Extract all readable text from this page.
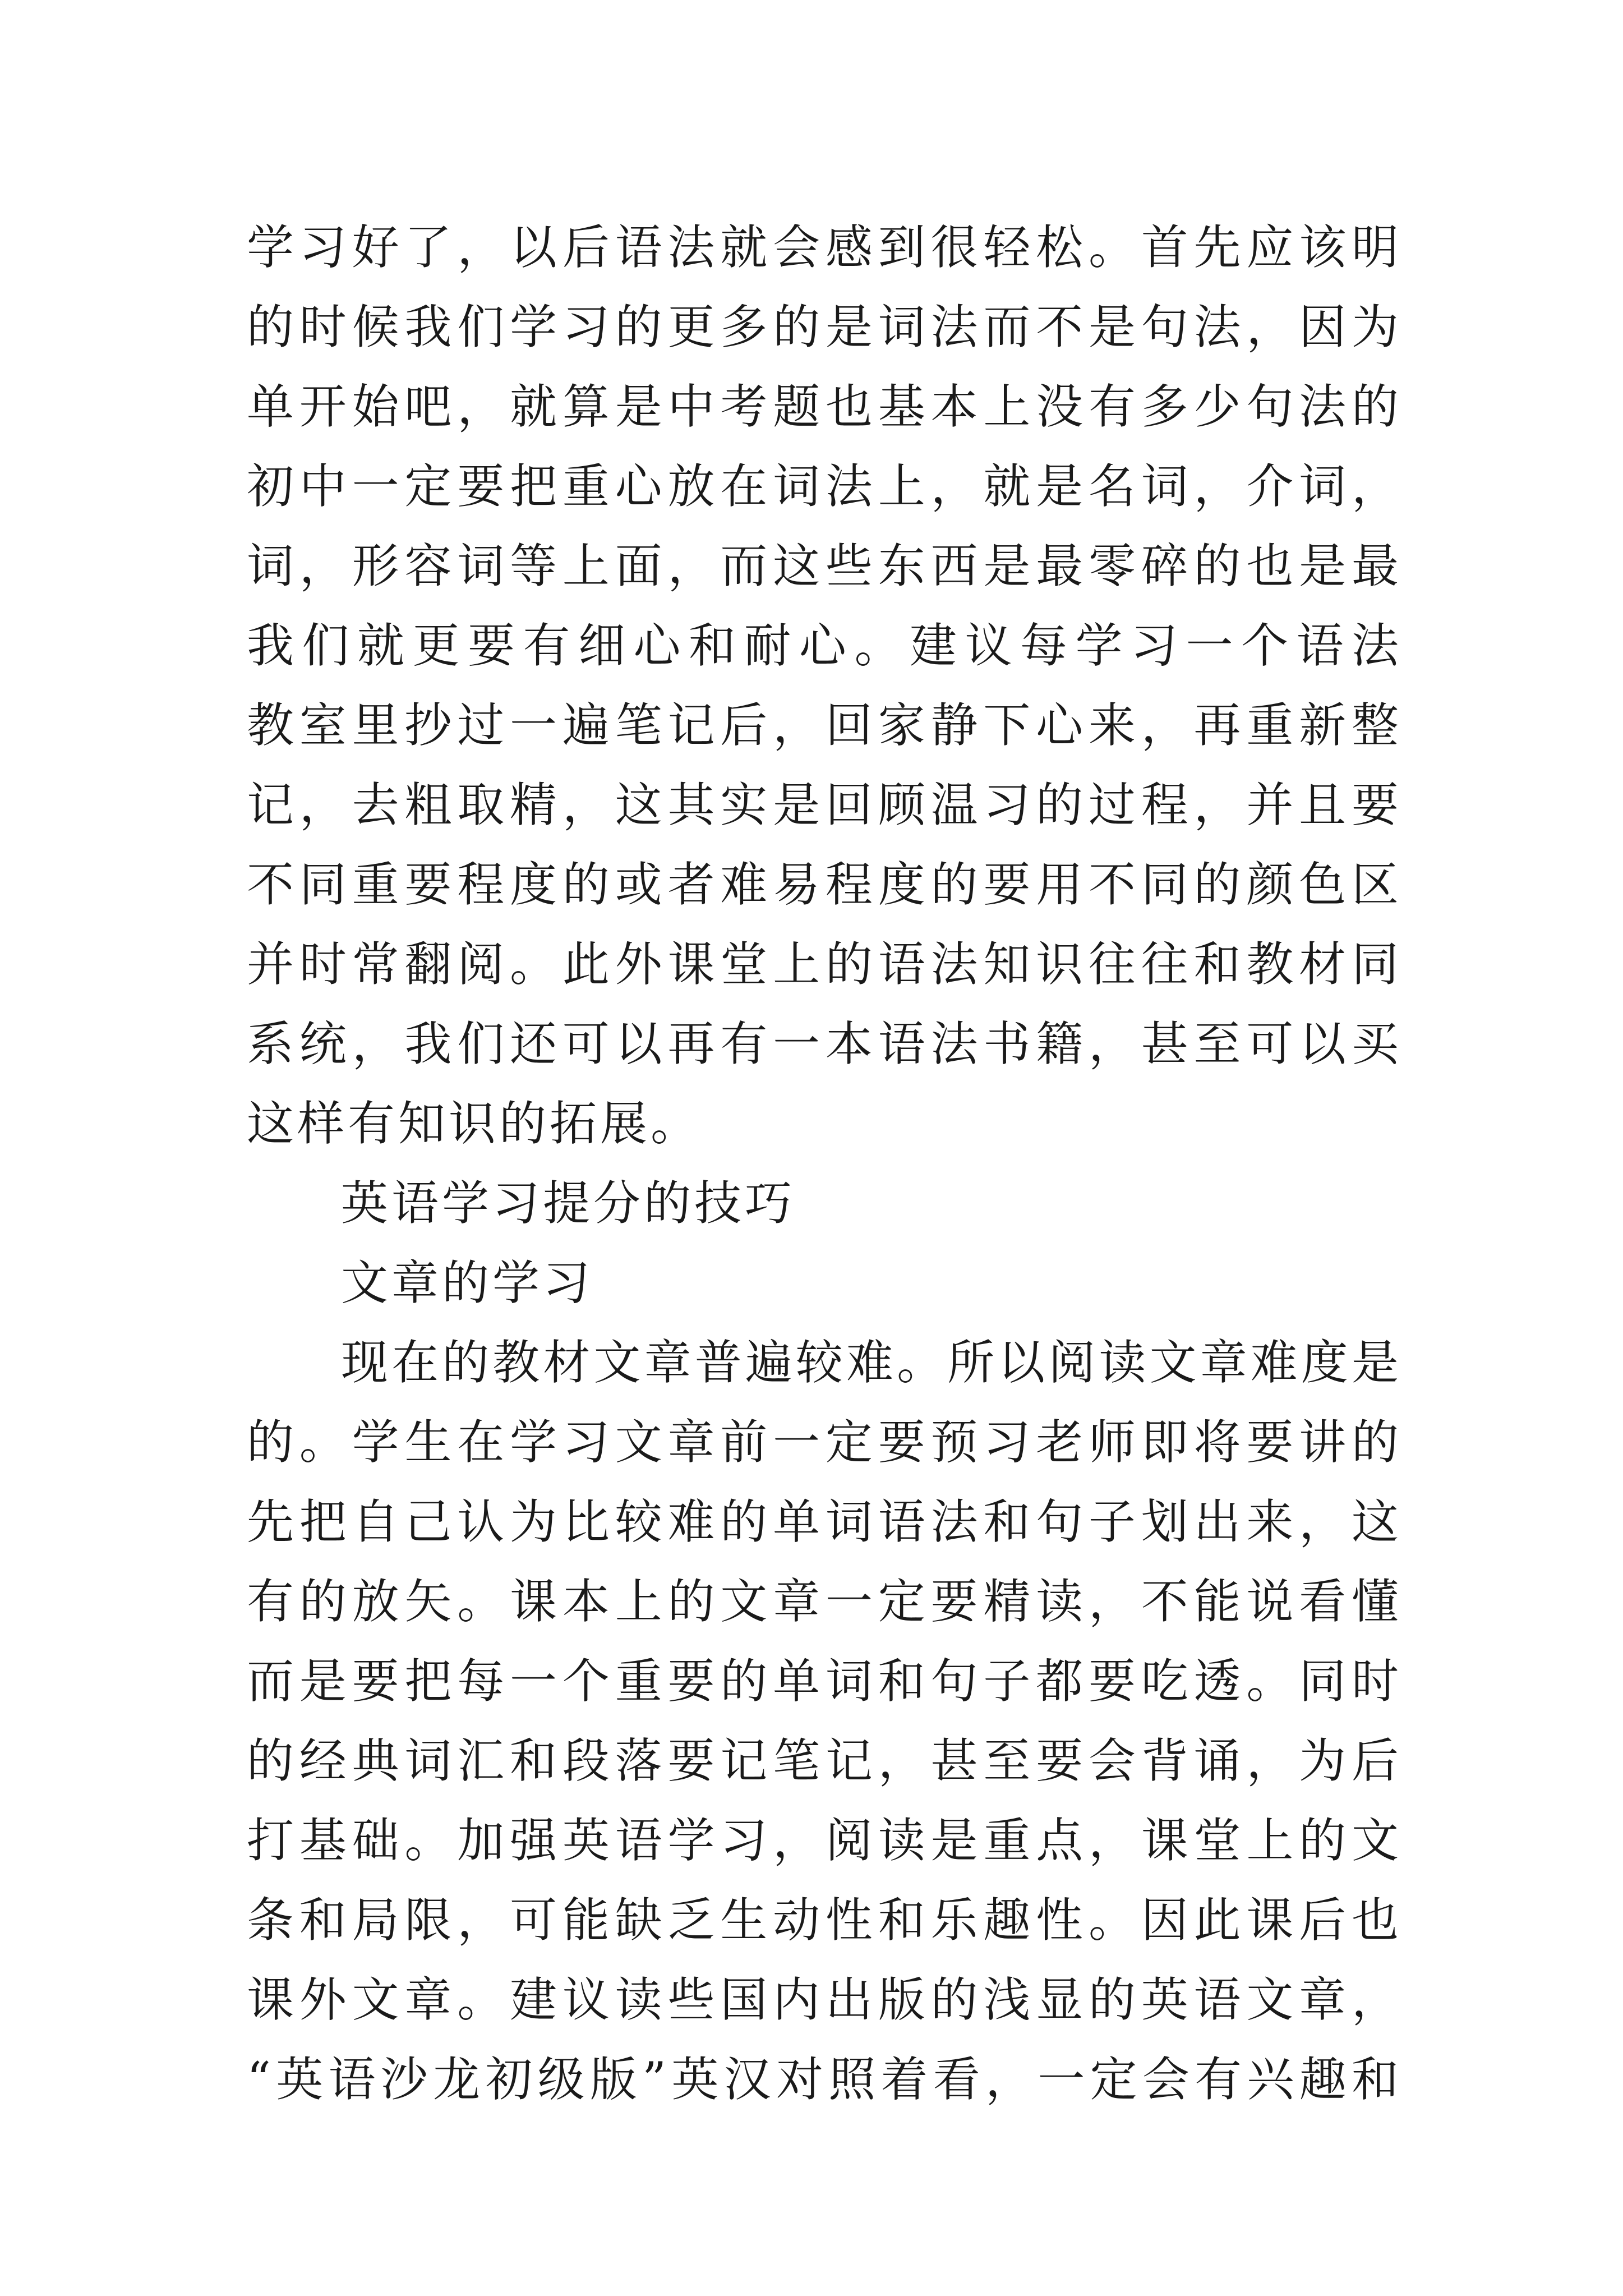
学习好了，以后语法就会感到很轻松。首先应该明
的时候我们学习的更多的是词法而不是句法，因为
单开始吧，就算是中考题也基本上没有多少句法的
初中一定要把重心放在词法上，就是名词，介词，
词，形容词等上面，而这些东西是最零碎的也是最
我们就更要有细心和耐心。建议每学习一个语法
教室里抄过一遍笔记后，回家静下心来，再重新整
记，去粗取精，这其实是回顾温习的过程，并且要
不同重要程度的或者难易程度的要用不同的颜色区
并时常翻阅。此外课堂上的语法知识往往和教材同
系统，我们还可以再有一本语法书籍，甚至可以买
这样有知识的拓展。
英语学习提分的技巧
文章的学习
现在的教材文章普遍较难。所以阅读文章难度是
的。学生在学习文章前一定要预习老师即将要讲的
先把自己认为比较难的单词语法和句子划出来，这
有的放矢。课本上的文章一定要精读，不能说看懂
而是要把每一个重要的单词和句子都要吃透。同时
的经典词汇和段落要记笔记，甚至要会背诵，为后
打基础。加强英语学习，阅读是重点，课堂上的文
条和局限，可能缺乏生动性和乐趣性。因此课后也
课外文章。建议读些国内出版的浅显的英语文章，
“英语沙龙初级版”英汉对照着看，一定会有兴趣和
